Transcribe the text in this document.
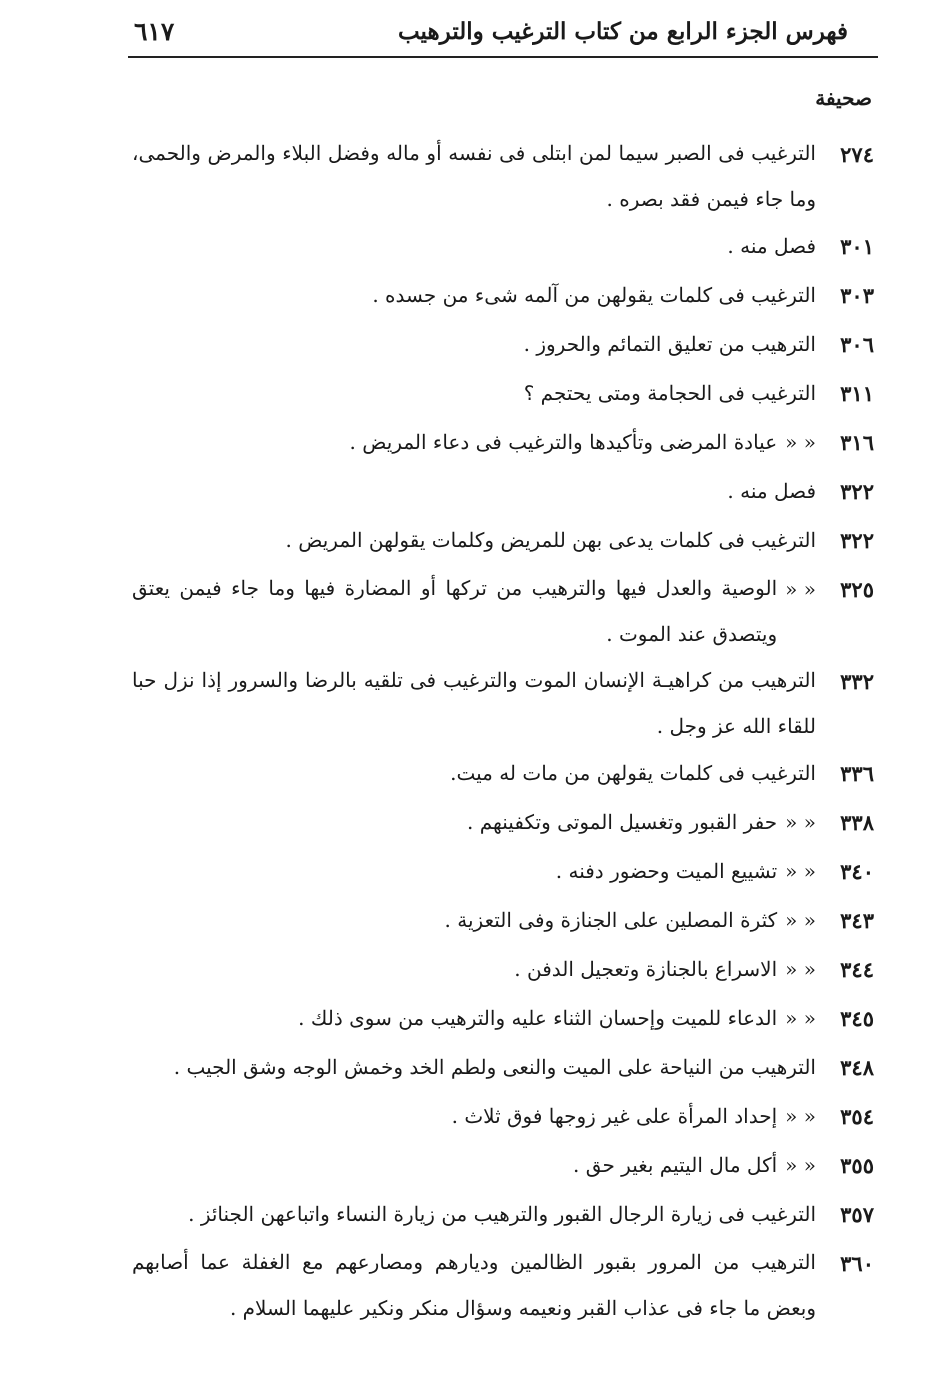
فهرس الجزء الرابع من كتاب الترغيب والترهيب
٦١٧
صحيفة
٢٧٤
الترغيب فى الصبر سيما لمن ابتلى فى نفسه أو ماله وفضل البلاء والمرض والحمى، وما جاء فيمن فقد بصره .
٣٠١
فصل منه .
٣٠٣
الترغيب فى كلمات يقولهن من آلمه شىء من جسده .
٣٠٦
الترهيب من تعليق التمائم والحروز .
٣١١
الترغيب فى الحجامة ومتى يحتجم ؟
٣١٦
« «
عيادة المرضى وتأكيدها والترغيب فى دعاء المريض .
٣٢٢
فصل منه .
٣٢٢
الترغيب فى كلمات يدعى بهن للمريض وكلمات يقولهن المريض .
٣٢٥
« «
الوصية والعدل فيها والترهيب من تركها أو المضارة فيها وما جاء فيمن يعتق ويتصدق عند الموت .
٣٣٢
الترهيب من كراهيـة الإنسان الموت والترغيب فى تلقيه بالرضا والسرور إذا نزل حبا للقاء الله عز وجل .
٣٣٦
الترغيب فى كلمات يقولهن من مات له ميت.
٣٣٨
« «
حفر القبور وتغسيل الموتى وتكفينهم .
٣٤٠
« «
تشييع الميت وحضور دفنه .
٣٤٣
« «
كثرة المصلين على الجنازة وفى التعزية .
٣٤٤
« «
الاسراع بالجنازة وتعجيل الدفن .
٣٤٥
« «
الدعاء للميت وإحسان الثناء عليه والترهيب من سوى ذلك .
٣٤٨
الترهيب من النياحة على الميت والنعى ولطم الخد وخمش الوجه وشق الجيب .
٣٥٤
« «
إحداد المرأة على غير زوجها فوق ثلاث .
٣٥٥
« «
أكل مال اليتيم بغير حق .
٣٥٧
الترغيب فى زيارة الرجال القبور والترهيب من زيارة النساء واتباعهن الجنائز .
٣٦٠
الترهيب من المرور بقبور الظالمين وديارهم ومصارعهم مع الغفلة عما أصابهم وبعض ما جاء فى عذاب القبر ونعيمه وسؤال منكر ونكير عليهما السلام .
